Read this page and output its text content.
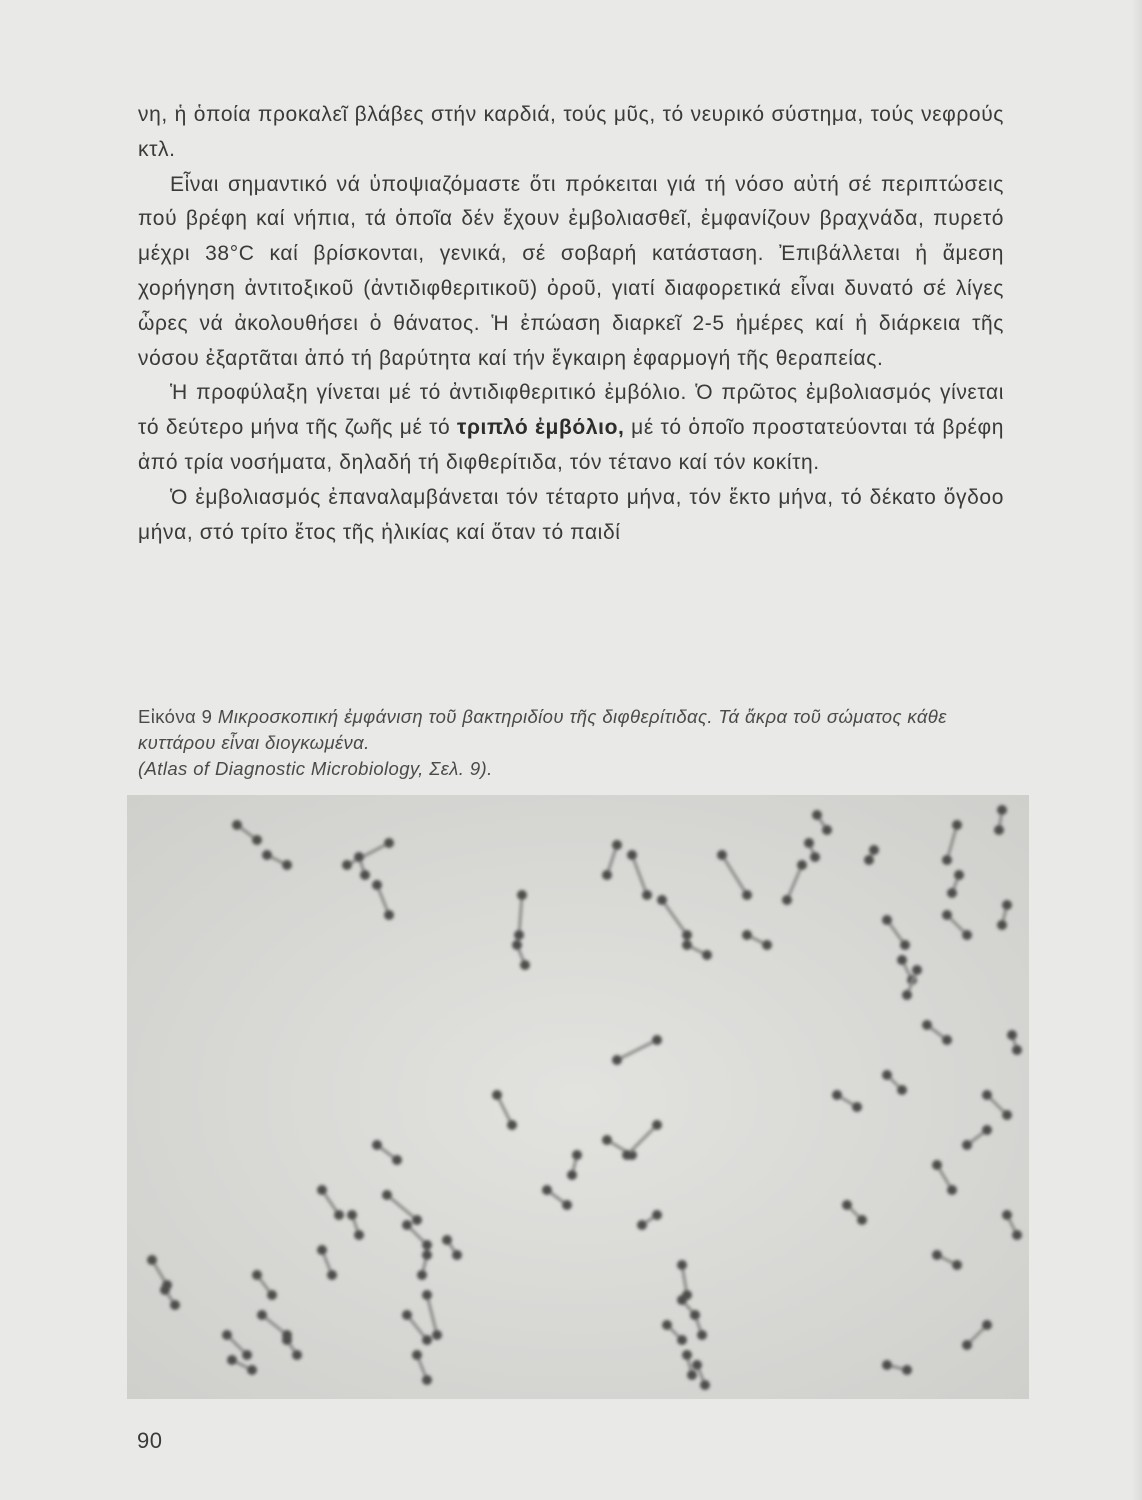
νη, ἡ ὁποία προκαλεῖ βλάβες στήν καρδιά, τούς μῦς, τό νευρικό σύστημα, τούς νεφρούς κτλ.

Εἶναι σημαντικό νά ὑποψιαζόμαστε ὅτι πρόκειται γιά τή νόσο αὐτή σέ περιπτώσεις πού βρέφη καί νήπια, τά ὁποῖα δέν ἔχουν ἐμβολιασθεῖ, ἐμφανίζουν βραχνάδα, πυρετό μέχρι 38°C καί βρίσκονται, γενικά, σέ σοβαρή κατάσταση. Ἐπιβάλλεται ἡ ἄμεση χορήγηση ἀντιτοξικοῦ (ἀντιδιφθεριτικοῦ) ὀροῦ, γιατί διαφορετικά εἶναι δυνατό σέ λίγες ὧρες νά ἀκολουθήσει ὁ θάνατος. Ἡ ἐπώαση διαρκεῖ 2-5 ἡμέρες καί ἡ διάρκεια τῆς νόσου ἐξαρτᾶται ἀπό τή βαρύτητα καί τήν ἔγκαιρη ἐφαρμογή τῆς θεραπείας.

Ἡ προφύλαξη γίνεται μέ τό ἀντιδιφθεριτικό ἐμβόλιο. Ὁ πρῶτος ἐμβολιασμός γίνεται τό δεύτερο μήνα τῆς ζωῆς μέ τό τριπλό ἐμβόλιο, μέ τό ὁποῖο προστατεύονται τά βρέφη ἀπό τρία νοσήματα, δηλαδή τή διφθερίτιδα, τόν τέτανο καί τόν κοκίτη.

Ὁ ἐμβολιασμός ἐπαναλαμβάνεται τόν τέταρτο μήνα, τόν ἕκτο μήνα, τό δέκατο ὄγδοο μήνα, στό τρίτο ἔτος τῆς ἡλικίας καί ὅταν τό παιδί

Εἰκόνα 9 Μικροσκοπική ἐμφάνιση τοῦ βακτηριδίου τῆς διφθερίτιδας. Τά ἄκρα τοῦ σώματος κάθε κυττάρου εἶναι διογκωμένα.
(Atlas of Diagnostic Microbiology, Σελ. 9).
90
